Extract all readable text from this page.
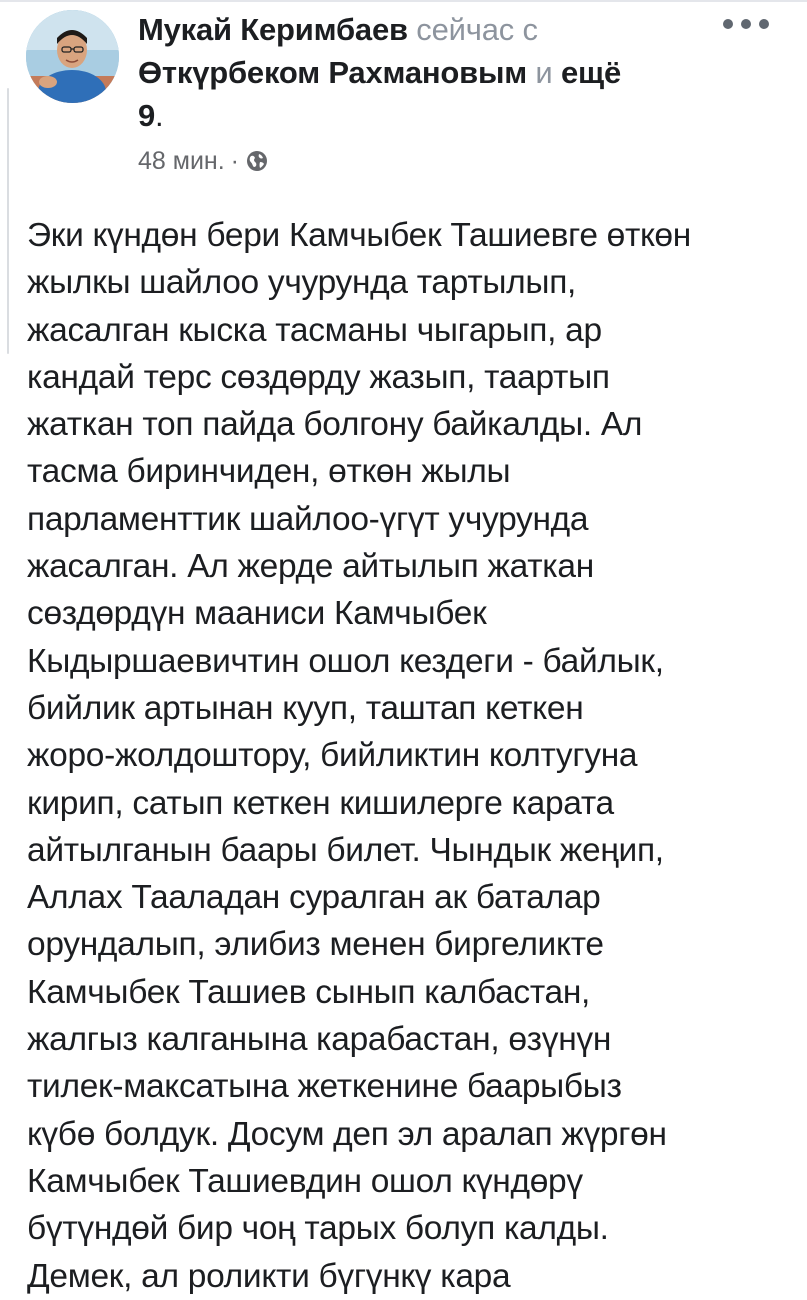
Мукай Керимбаев сейчас с
Өткүрбеком Рахмановым и ещё
9.
48 мин. ·
Эки күндөн бери Камчыбек Ташиевге өткөн
жылкы шайлоо учурунда тартылып,
жасалган кыска тасманы чыгарып, ар
кандай терс сөздөрду жазып, таартып
жаткан топ пайда болгону байкалды. Ал
тасма биринчиден, өткөн жылы
парламенттик шайлоо-үгүт учурунда
жасалган. Ал жерде айтылып жаткан
сөздөрдүн мааниси Камчыбек
Кыдыршаевичтин ошол кездеги - байлык,
бийлик артынан кууп, таштап кеткен
жоро-жолдоштору, бийликтин колтугуна
кирип, сатып кеткен кишилерге карата
айтылганын баары билет. Чындык жеңип,
Аллах Тааладан суралган ак баталар
орундалып, элибиз менен биргеликте
Камчыбек Ташиев сынып калбастан,
жалгыз калганына карабастан, өзүнүн
тилек-максатына жеткенине баарыбыз
күбө болдук. Досум деп эл аралап жүргөн
Камчыбек Ташиевдин ошол күндөрү
бүтүндөй бир чоң тарых болуп калды.
Демек, ал роликти бүгүнкү кара
